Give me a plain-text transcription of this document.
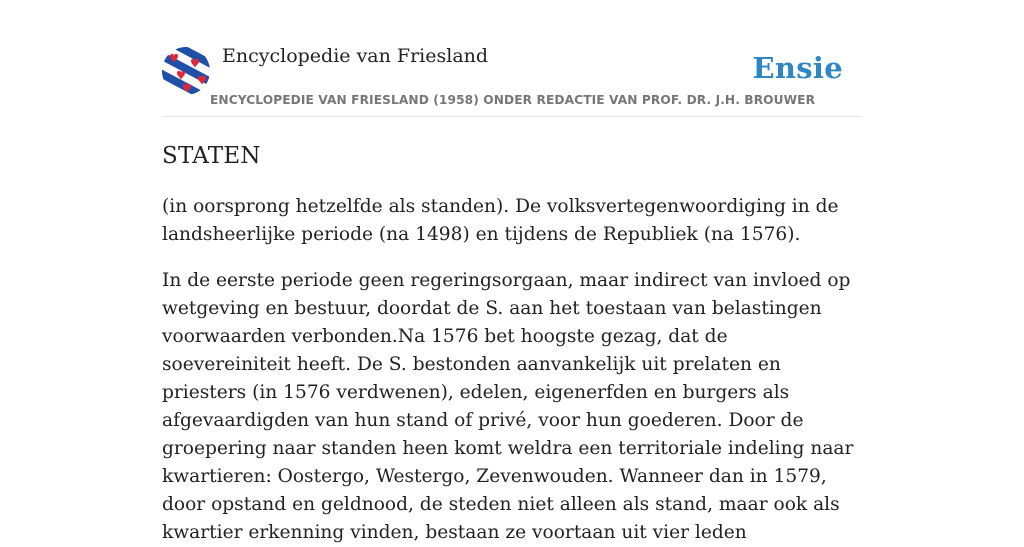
Encyclopedie van Friesland	Ensie
ENCYCLOPEDIE VAN FRIESLAND (1958) ONDER REDACTIE VAN PROF. DR. J.H. BROUWER
STATEN

(in oorsprong hetzelfde als standen). De volksvertegenwoordiging in de landsheerlijke periode (na 1498) en tijdens de Republiek (na 1576).

In de eerste periode geen regeringsorgaan, maar indirect van invloed op wetgeving en bestuur, doordat de S. aan het toestaan van belastingen voorwaarden verbonden.Na 1576 bet hoogste gezag, dat de soevereiniteit heeft. De S. bestonden aanvankelijk uit prelaten en priesters (in 1576 verdwenen), edelen, eigenerfden en burgers als afgevaardigden van hun stand of privé, voor hun goederen. Door de groepering naar standen heen komt weldra een territoriale indeling naar kwartieren: Oostergo, Westergo, Zevenwouden. Wanneer dan in 1579, door opstand en geldnood, de steden niet alleen als stand, maar ook als kwartier erkenning vinden, bestaan ze voortaan uit vier leden
